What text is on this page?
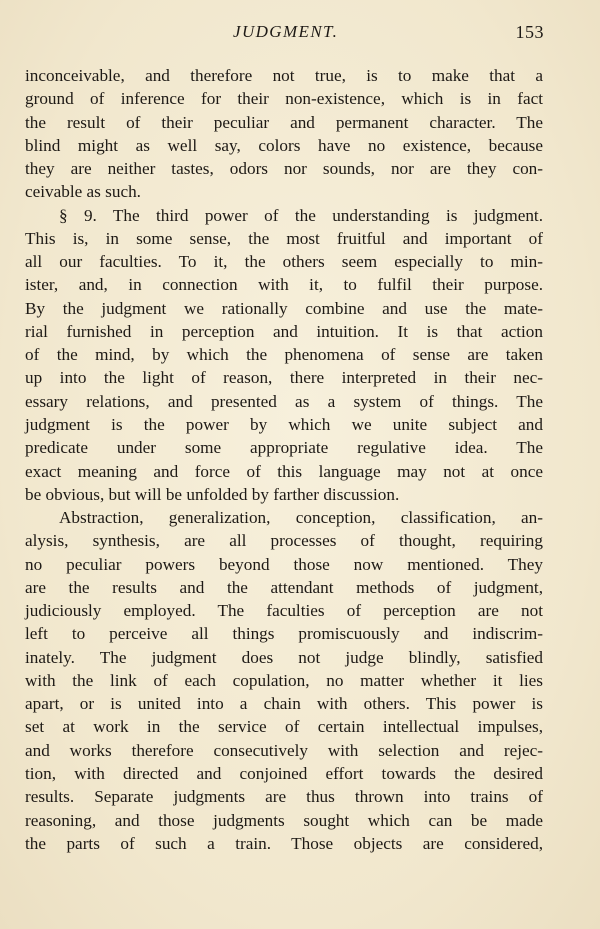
JUDGMENT.	153
inconceivable, and therefore not true, is to make that a
ground of inference for their non-existence, which is in fact
the result of their peculiar and permanent character. The
blind might as well say, colors have no existence, because
they are neither tastes, odors nor sounds, nor are they con-
ceivable as such.
§ 9. The third power of the understanding is judgment.
This is, in some sense, the most fruitful and important of
all our faculties. To it, the others seem especially to min-
ister, and, in connection with it, to fulfil their purpose.
By the judgment we rationally combine and use the mate-
rial furnished in perception and intuition. It is that action
of the mind, by which the phenomena of sense are taken
up into the light of reason, there interpreted in their nec-
essary relations, and presented as a system of things. The
judgment is the power by which we unite subject and
predicate under some appropriate regulative idea. The
exact meaning and force of this language may not at once
be obvious, but will be unfolded by farther discussion.
Abstraction, generalization, conception, classification, an-
alysis, synthesis, are all processes of thought, requiring
no peculiar powers beyond those now mentioned. They
are the results and the attendant methods of judgment,
judiciously employed. The faculties of perception are not
left to perceive all things promiscuously and indiscrim-
inately. The judgment does not judge blindly, satisfied
with the link of each copulation, no matter whether it lies
apart, or is united into a chain with others. This power is
set at work in the service of certain intellectual impulses,
and works therefore consecutively with selection and rejec-
tion, with directed and conjoined effort towards the desired
results. Separate judgments are thus thrown into trains of
reasoning, and those judgments sought which can be made
the parts of such a train. Those objects are considered,
